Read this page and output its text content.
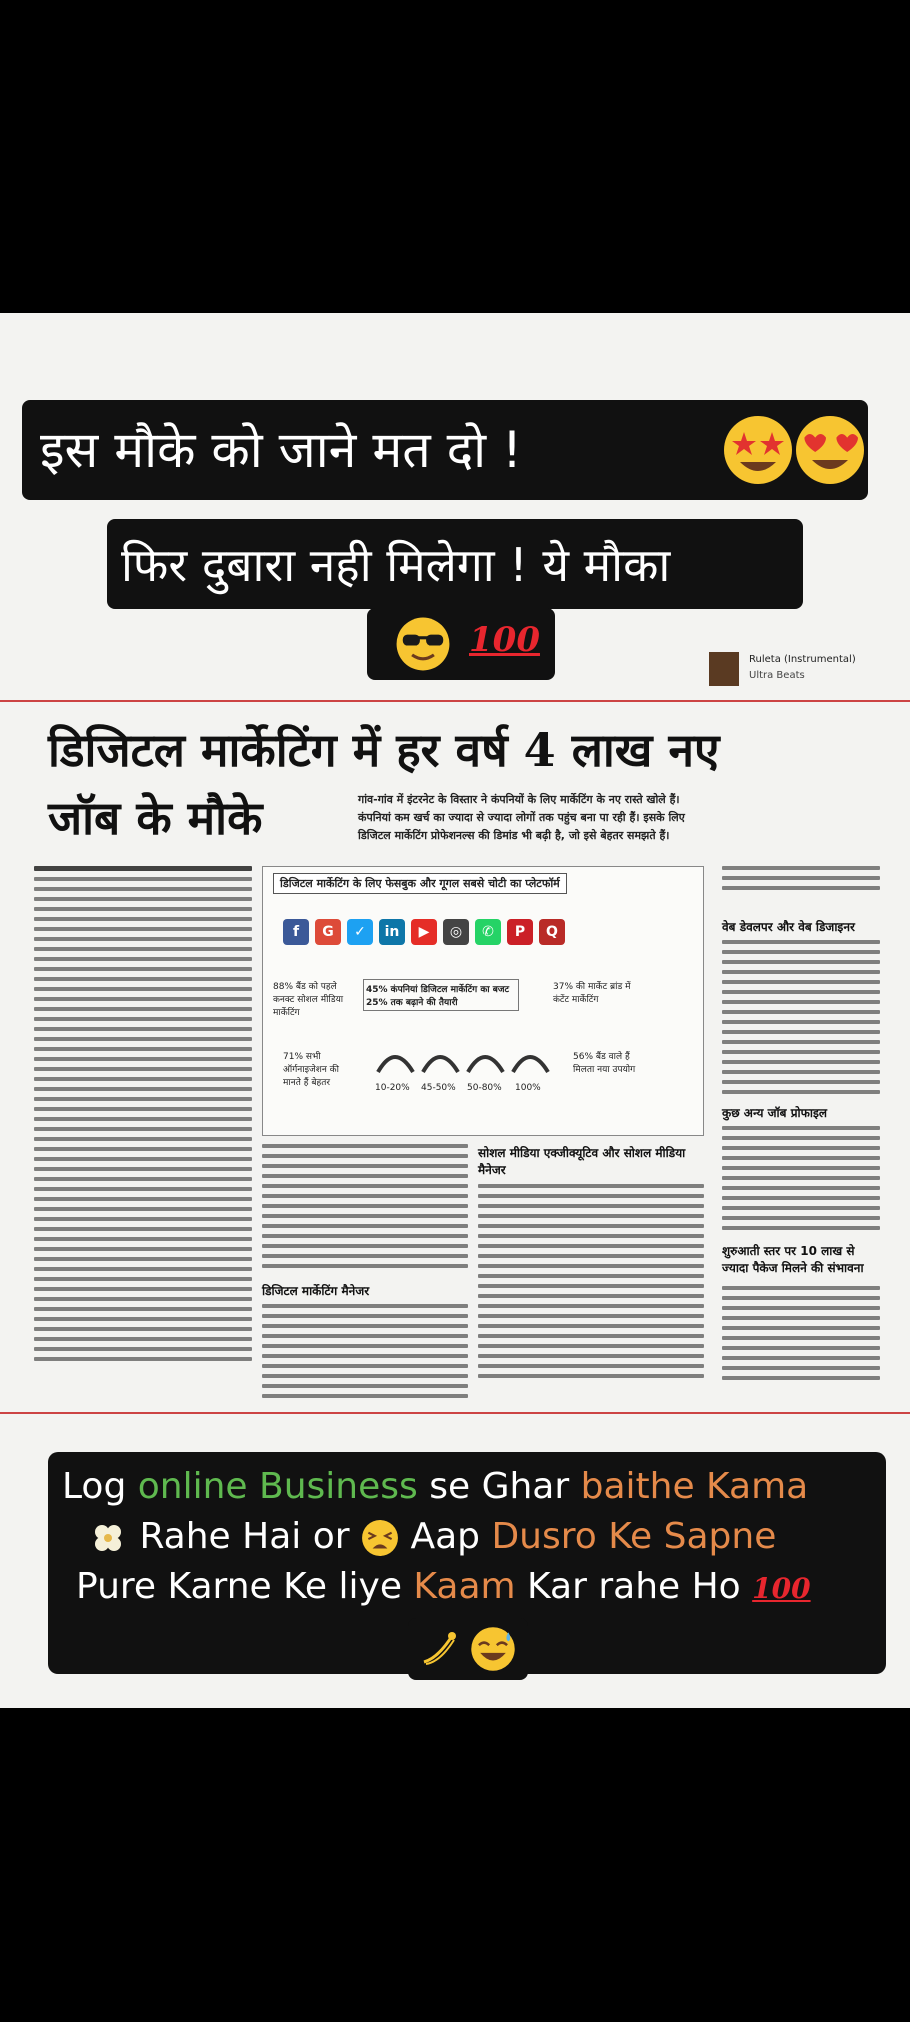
इस मौके को जाने मत दो !
फिर दुबारा नही मिलेगा ! ये मौका
100	Ruleta (Instrumental)
Ultra Beats
डिजिटल मार्केटिंग में हर वर्ष 4 लाख नए
जॉब के मौके	गांव-गांव में इंटरनेट के विस्तार ने कंपनियों के लिए मार्केटिंग के नए रास्ते खोले हैं।
कंपनियां कम खर्च का ज्यादा से ज्यादा लोगों तक पहुंच बना पा रही हैं। इसके लिए
डिजिटल मार्केटिंग प्रोफेशनल्स की डिमांड भी बढ़ी है, जो इसे बेहतर समझते हैं।
डिजिटल मार्केटिंग के लिए फेसबुक और गूगल सबसे चोटी का प्लेटफॉर्म
f	G	✓	in	▶	◎	✆	P	Q
88% बैंड को पहले कनक्ट सोशल मीडिया मार्केटिंग
45% कंपनियां डिजिटल मार्केटिंग का बजट 25% तक बढ़ाने की तैयारी
37% की मार्केट ब्रांड में कंटेंट मार्केटिंग
71% सभी ऑर्गनाइजेशन की मानते हैं बेहतर
56% बैंड वाले हैं मिलता नया उपयोग
10-20% 45-50% 50-80% 100%
डिजिटल मार्केटिंग मैनेजर
सोशल मीडिया एक्जीक्यूटिव और सोशल मीडिया मैनेजर
वेब डेवलपर और वेब डिजाइनर
कुछ अन्य जॉब प्रोफाइल
शुरुआती स्तर पर 10 लाख से ज्यादा पैकेज मिलने की संभावना
Log online Business se Ghar baithe Kama
Rahe Hai or Aap Dusro Ke Sapne
Pure Karne Ke liye Kaam Kar rahe Ho 100
